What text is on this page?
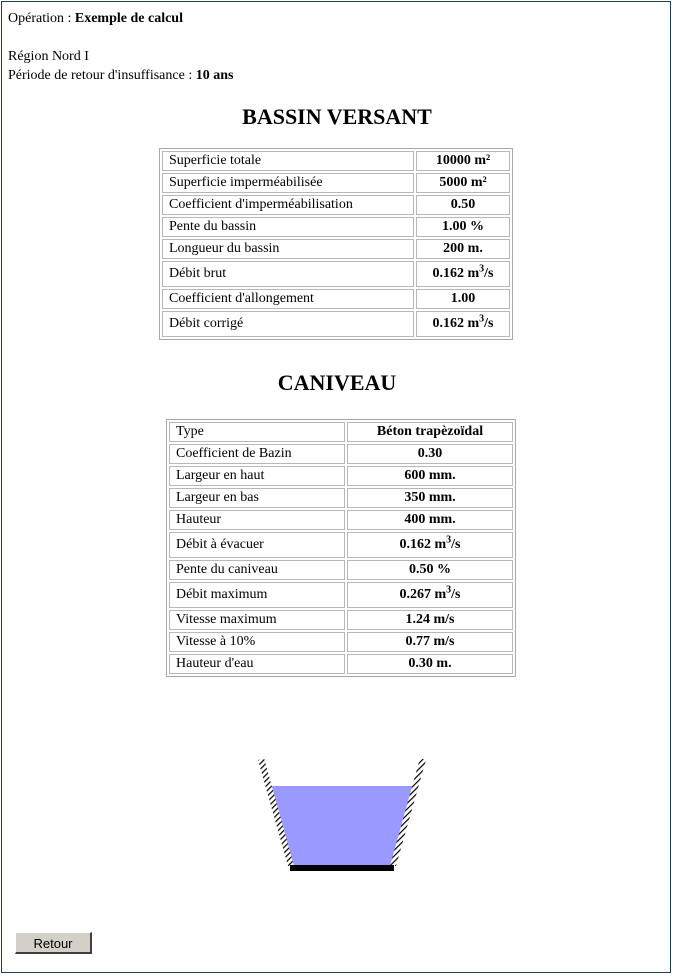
Opération : Exemple de calcul
Région Nord I
Période de retour d'insuffisance : 10 ans
BASSIN VERSANT
Superficie totale	10000 m²
Superficie imperméabilisée	5000 m²
Coefficient d'imperméabilisation	0.50
Pente du bassin	1.00 %
Longueur du bassin	200 m.
Débit brut	0.162 $m^3/s$
Coefficient d'allongement	1.00
Débit corrigé	0.162 $m^3/s$
CANIVEAU
Type	Béton trapèzoïdal
Coefficient de Bazin	0.30
Largeur en haut	600 mm.
Largeur en bas	350 mm.
Hauteur	400 mm.
Débit à évacuer	0.162 $m^3/s$
Pente du caniveau	0.50 %
Débit maximum	0.267 $m^3/s$
Vitesse maximum	1.24 m/s
Vitesse à 10%	0.77 m/s
Hauteur d'eau	0.30 m.
Retour
